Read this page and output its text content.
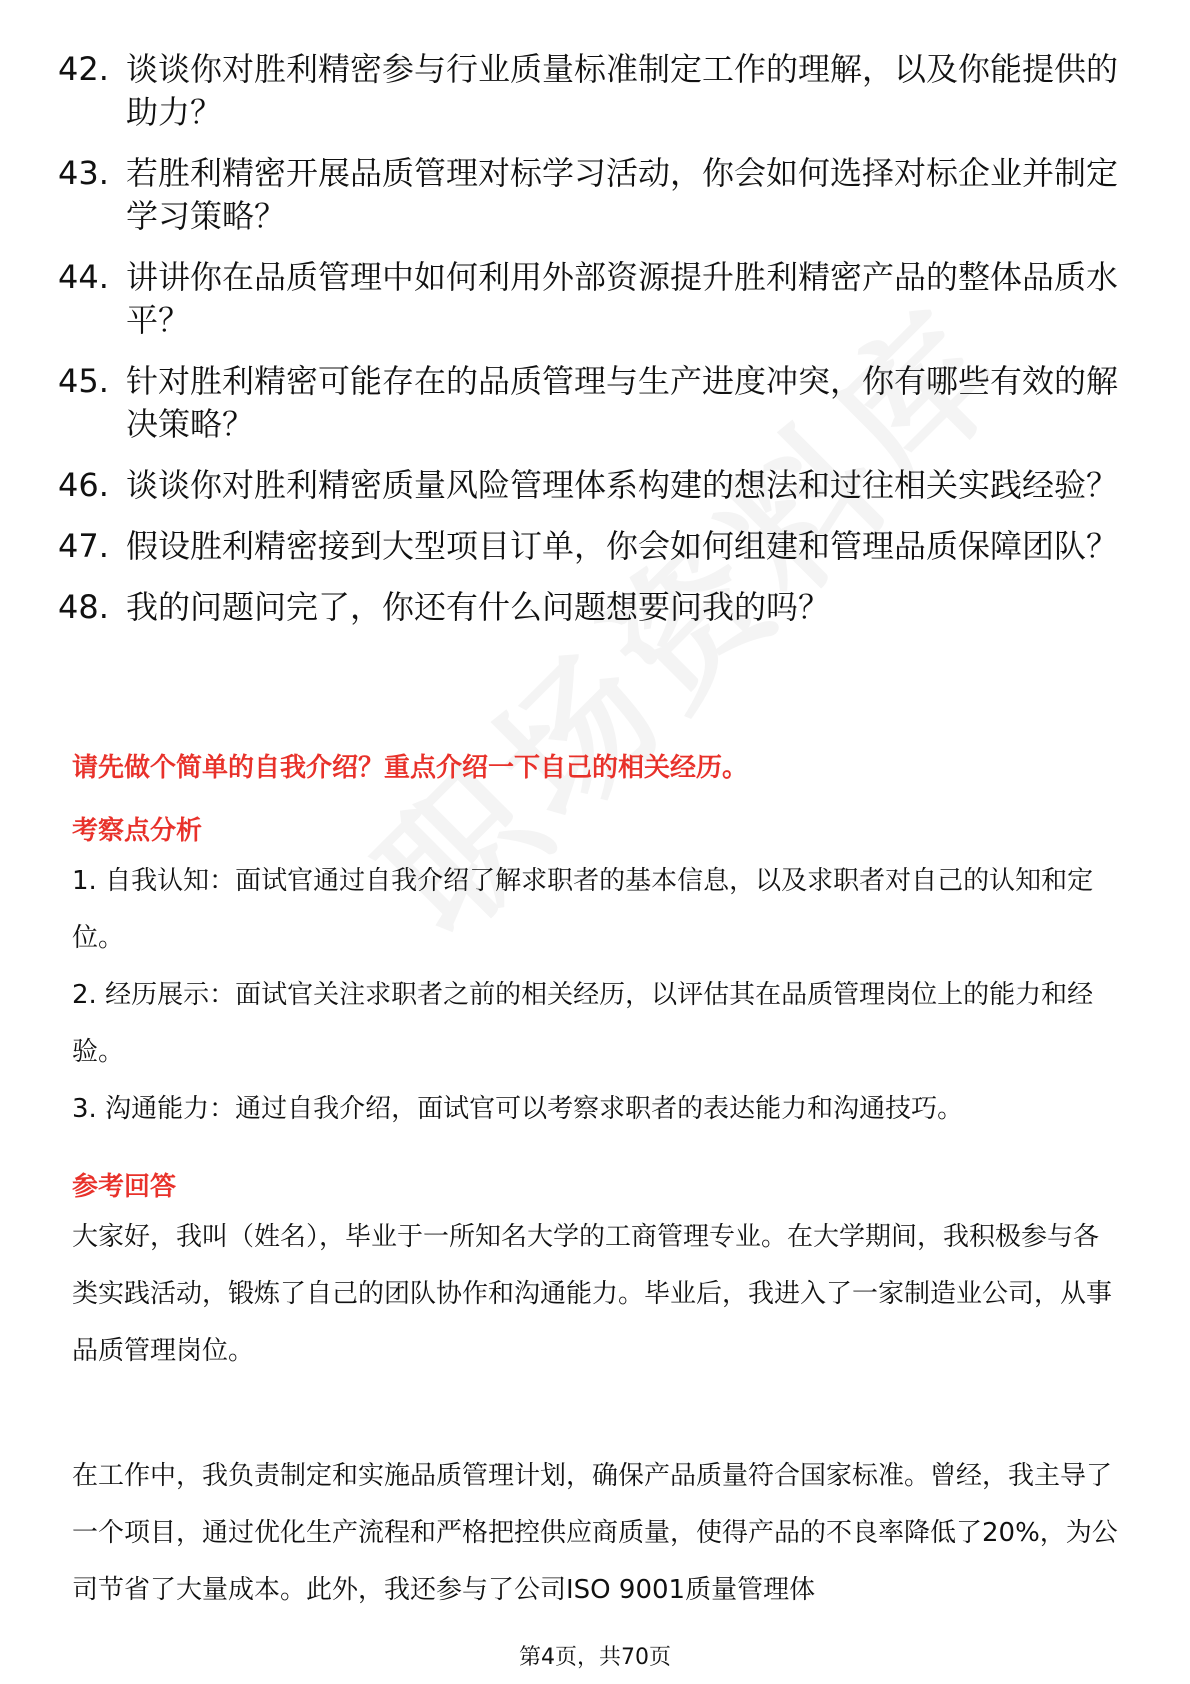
42. 谈谈你对胜利精密参与行业质量标准制定工作的理解，以及你能提供的助力？
43. 若胜利精密开展品质管理对标学习活动，你会如何选择对标企业并制定学习策略？
44. 讲讲你在品质管理中如何利用外部资源提升胜利精密产品的整体品质水平？
45. 针对胜利精密可能存在的品质管理与生产进度冲突，你有哪些有效的解决策略？
46. 谈谈你对胜利精密质量风险管理体系构建的想法和过往相关实践经验？
47. 假设胜利精密接到大型项目订单，你会如何组建和管理品质保障团队？
48. 我的问题问完了，你还有什么问题想要问我的吗？
请先做个简单的自我介绍？重点介绍一下自己的相关经历。
考察点分析
1. 自我认知：面试官通过自我介绍了解求职者的基本信息，以及求职者对自己的认知和定位。
2. 经历展示：面试官关注求职者之前的相关经历，以评估其在品质管理岗位上的能力和经验。
3. 沟通能力：通过自我介绍，面试官可以考察求职者的表达能力和沟通技巧。
参考回答
大家好，我叫（姓名），毕业于一所知名大学的工商管理专业。在大学期间，我积极参与各类实践活动，锻炼了自己的团队协作和沟通能力。毕业后，我进入了一家制造业公司，从事品质管理岗位。
在工作中，我负责制定和实施品质管理计划，确保产品质量符合国家标准。曾经，我主导了一个项目，通过优化生产流程和严格把控供应商质量，使得产品的不良率降低了20%，为公司节省了大量成本。此外，我还参与了公司ISO 9001质量管理体
第4页，共70页
